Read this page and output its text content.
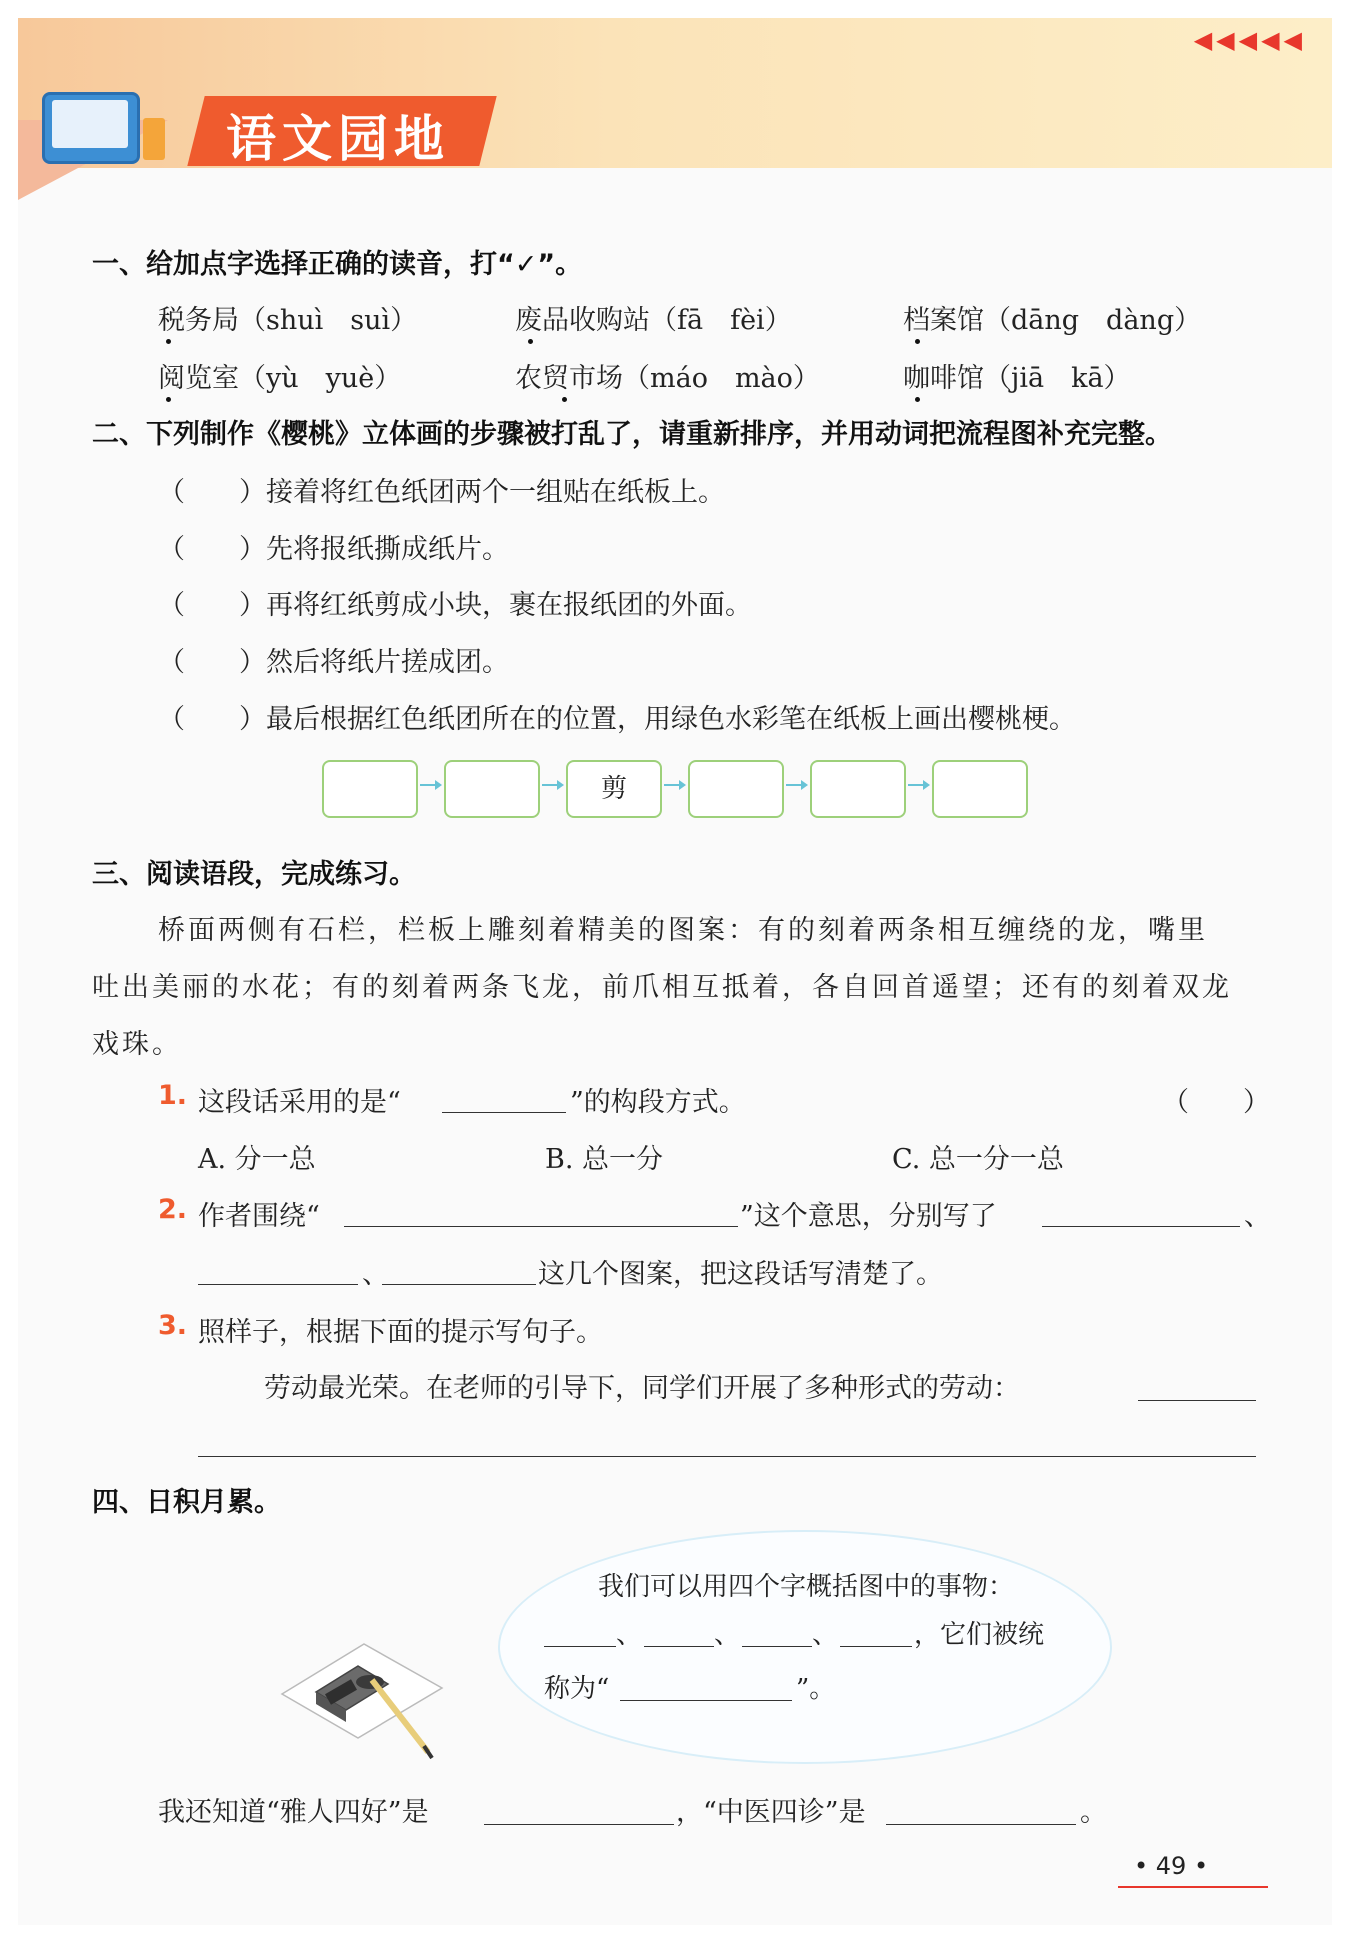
语文园地
◀◀◀◀◀
一、给加点字选择正确的读音，打“✓”。
税务局（shuì　suì）	废品收购站（fā　fèi）	档案馆（dāng　dàng）
阅览室（yù　yuè）	农贸市场（máo　mào）	咖啡馆（jiā　kā）
二、下列制作《樱桃》立体画的步骤被打乱了，请重新排序，并用动词把流程图补充完整。
（　　）接着将红色纸团两个一组贴在纸板上。
（　　）先将报纸撕成纸片。
（　　）再将红纸剪成小块，裹在报纸团的外面。
（　　）然后将纸片搓成团。
（　　）最后根据红色纸团所在的位置，用绿色水彩笔在纸板上画出樱桃梗。
剪
三、阅读语段，完成练习。
桥面两侧有石栏，栏板上雕刻着精美的图案：有的刻着两条相互缠绕的龙，嘴里
吐出美丽的水花；有的刻着两条飞龙，前爪相互抵着，各自回首遥望；还有的刻着双龙
戏珠。
1. 这段话采用的是“	”的构段方式。	（　　）
A. 分一总	B. 总一分	C. 总一分一总
2. 作者围绕“	”这个意思，分别写了	、
、	这几个图案，把这段话写清楚了。
3. 照样子，根据下面的提示写句子。
劳动最光荣。在老师的引导下，同学们开展了多种形式的劳动：
四、日积月累。
我们可以用四个字概括图中的事物：
、	、	、	， 它们被统
称为“	”。
我还知道“雅人四好”是	，“中医四诊”是	。
• 49 •
